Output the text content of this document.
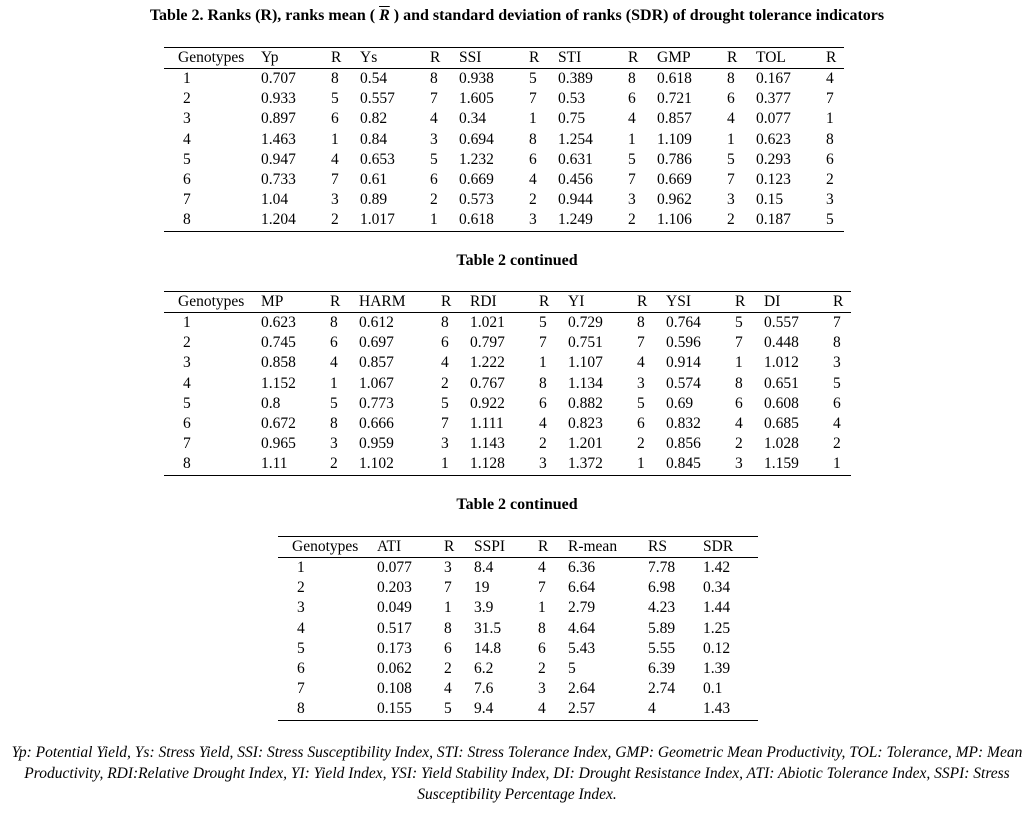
Table 2. Ranks (R), ranks mean ( R ) and standard deviation of ranks (SDR) of drought tolerance indicators
Genotypes	Yp	R	Ys	R	SSI	R	STI	R	GMP	R	TOL	R
1	0.707	8	0.54	8	0.938	5	0.389	8	0.618	8	0.167	4
2	0.933	5	0.557	7	1.605	7	0.53	6	0.721	6	0.377	7
3	0.897	6	0.82	4	0.34	1	0.75	4	0.857	4	0.077	1
4	1.463	1	0.84	3	0.694	8	1.254	1	1.109	1	0.623	8
5	0.947	4	0.653	5	1.232	6	0.631	5	0.786	5	0.293	6
6	0.733	7	0.61	6	0.669	4	0.456	7	0.669	7	0.123	2
7	1.04	3	0.89	2	0.573	2	0.944	3	0.962	3	0.15	3
8	1.204	2	1.017	1	0.618	3	1.249	2	1.106	2	0.187	5
Table 2 continued
Genotypes	MP	R	HARM	R	RDI	R	YI	R	YSI	R	DI	R
1	0.623	8	0.612	8	1.021	5	0.729	8	0.764	5	0.557	7
2	0.745	6	0.697	6	0.797	7	0.751	7	0.596	7	0.448	8
3	0.858	4	0.857	4	1.222	1	1.107	4	0.914	1	1.012	3
4	1.152	1	1.067	2	0.767	8	1.134	3	0.574	8	0.651	5
5	0.8	5	0.773	5	0.922	6	0.882	5	0.69	6	0.608	6
6	0.672	8	0.666	7	1.111	4	0.823	6	0.832	4	0.685	4
7	0.965	3	0.959	3	1.143	2	1.201	2	0.856	2	1.028	2
8	1.11	2	1.102	1	1.128	3	1.372	1	0.845	3	1.159	1
Table 2 continued
Genotypes	ATI	R	SSPI	R	R-mean	RS	SDR
1	0.077	3	8.4	4	6.36	7.78	1.42
2	0.203	7	19	7	6.64	6.98	0.34
3	0.049	1	3.9	1	2.79	4.23	1.44
4	0.517	8	31.5	8	4.64	5.89	1.25
5	0.173	6	14.8	6	5.43	5.55	0.12
6	0.062	2	6.2	2	5	6.39	1.39
7	0.108	4	7.6	3	2.64	2.74	0.1
8	0.155	5	9.4	4	2.57	4	1.43

Yp: Potential Yield, Ys: Stress Yield, SSI: Stress Susceptibility Index, STI: Stress Tolerance Index, GMP: Geometric Mean Productivity, TOL: Tolerance, MP: Mean Productivity, RDI:Relative Drought Index, YI: Yield Index, YSI: Yield Stability Index, DI: Drought Resistance Index, ATI: Abiotic Tolerance Index, SSPI: Stress Susceptibility Percentage Index.
